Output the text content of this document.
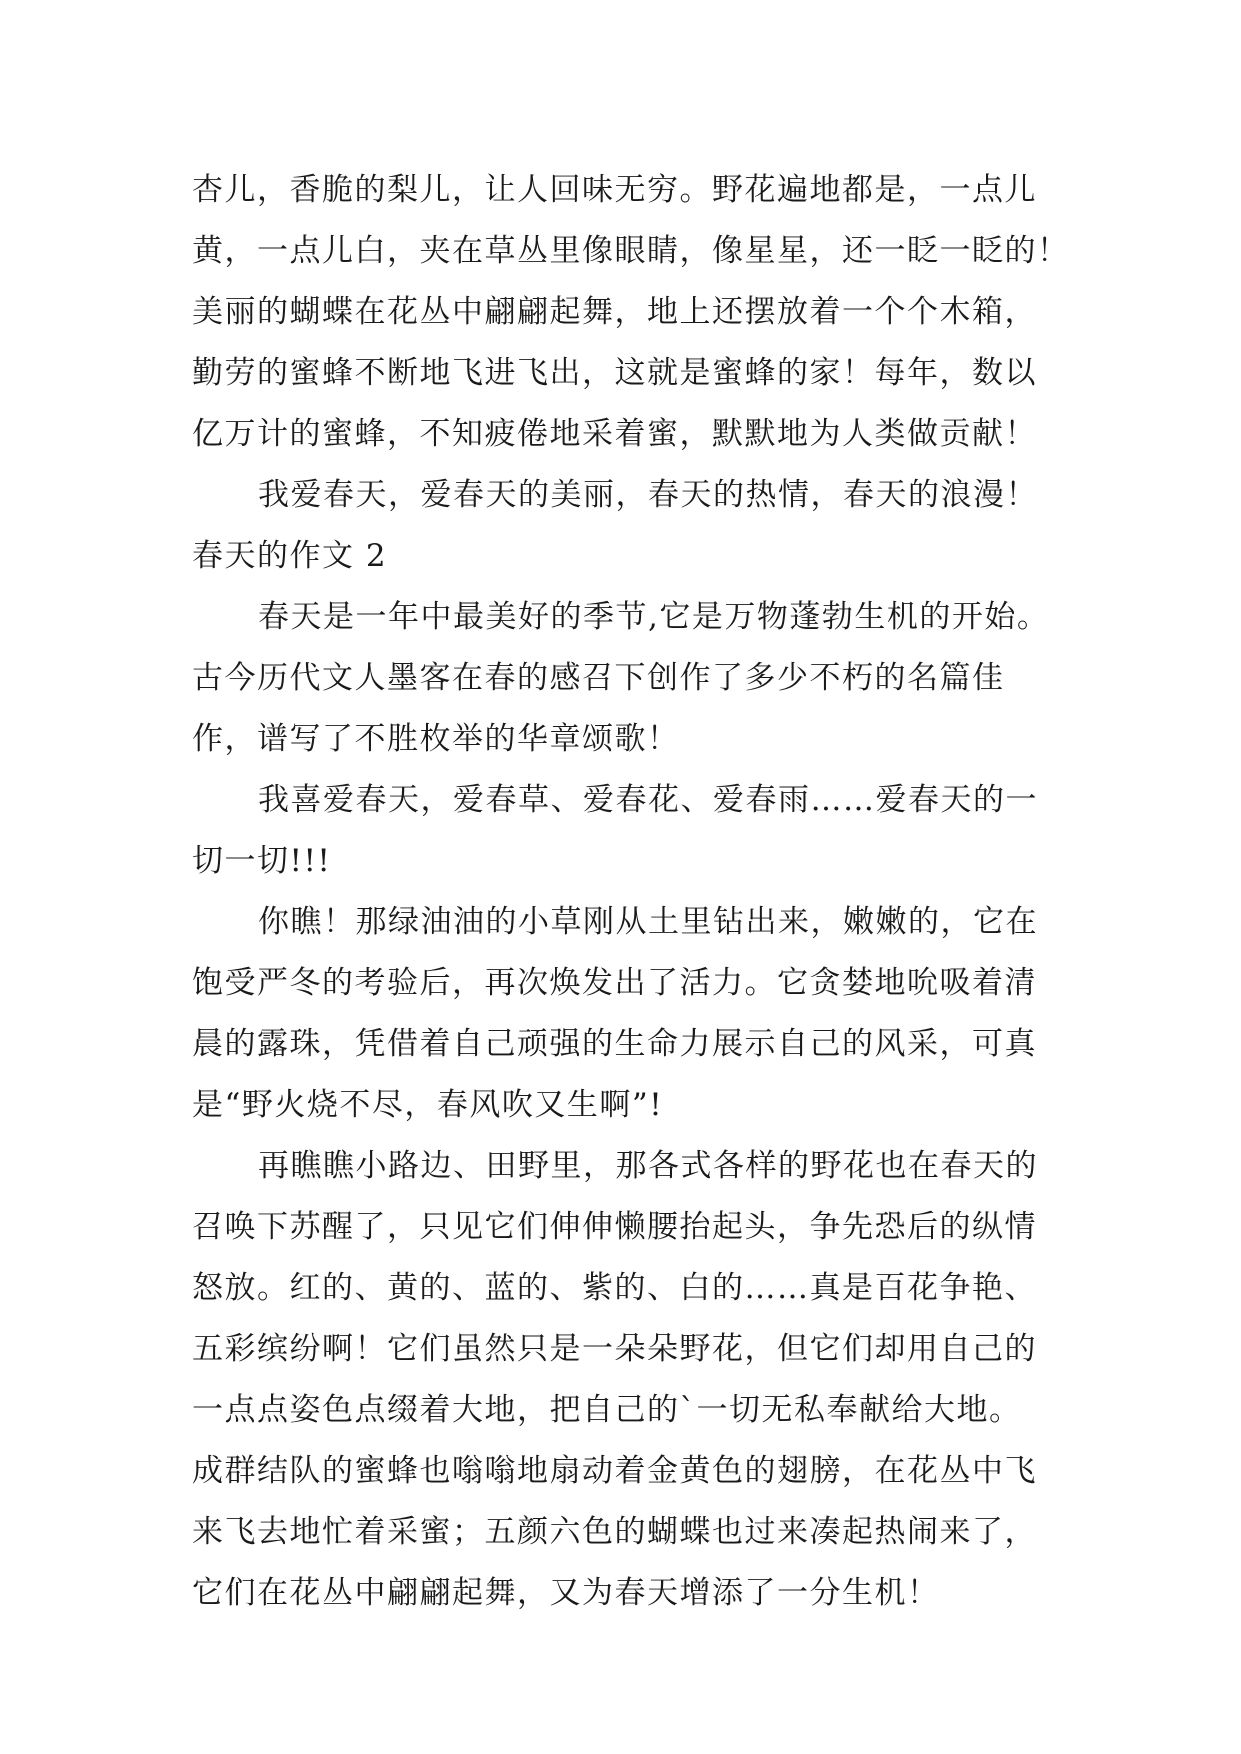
杏儿，香脆的梨儿，让人回味无穷。野花遍地都是，一点儿
黄，一点儿白，夹在草丛里像眼睛，像星星，还一眨一眨的！
美丽的蝴蝶在花丛中翩翩起舞，地上还摆放着一个个木箱，
勤劳的蜜蜂不断地飞进飞出，这就是蜜蜂的家！每年，数以
亿万计的蜜蜂，不知疲倦地采着蜜，默默地为人类做贡献！
我爱春天，爱春天的美丽，春天的热情，春天的浪漫！
春天的作文 2
春天是一年中最美好的季节,它是万物蓬勃生机的开始。
古今历代文人墨客在春的感召下创作了多少不朽的名篇佳
作，谱写了不胜枚举的华章颂歌！
我喜爱春天，爱春草、爱春花、爱春雨……爱春天的一
切一切!!!
你瞧！那绿油油的小草刚从土里钻出来，嫩嫩的，它在
饱受严冬的考验后，再次焕发出了活力。它贪婪地吮吸着清
晨的露珠，凭借着自己顽强的生命力展示自己的风采，可真
是“野火烧不尽，春风吹又生啊”!
再瞧瞧小路边、田野里，那各式各样的野花也在春天的
召唤下苏醒了，只见它们伸伸懒腰抬起头，争先恐后的纵情
怒放。红的、黄的、蓝的、紫的、白的……真是百花争艳、
五彩缤纷啊！它们虽然只是一朵朵野花，但它们却用自己的
一点点姿色点缀着大地，把自己的`一切无私奉献给大地。
成群结队的蜜蜂也嗡嗡地扇动着金黄色的翅膀，在花丛中飞
来飞去地忙着采蜜；五颜六色的蝴蝶也过来凑起热闹来了，
它们在花丛中翩翩起舞，又为春天增添了一分生机！
